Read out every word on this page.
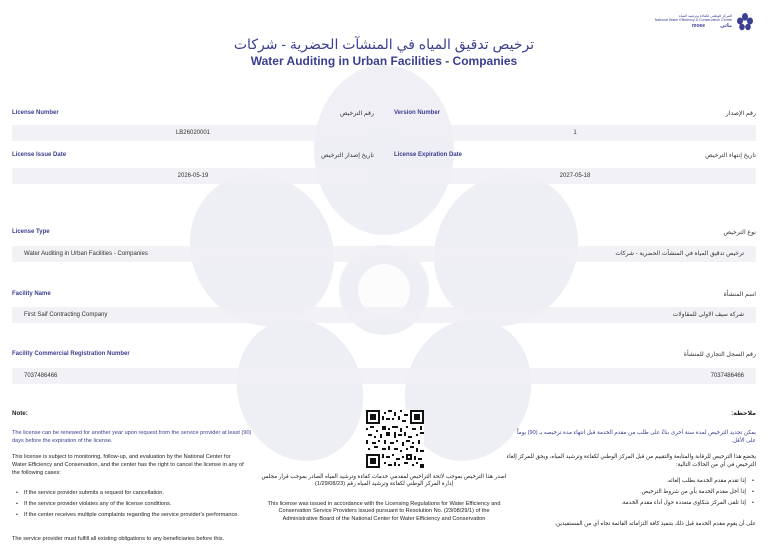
المركز الوطني لكفاءة وترشيد المياه
National Water Efficiency & Conservation Centre
moee	مائي
ترخيص تدقيق المياه في المنشآت الحضرية - شركات
Water Auditing in Urban Facilities - Companies
License Number	رقم الترخيص	Version Number	رقم الإصدار
LB26020001	1
License Issue Date	تاريخ إصدار الترخيص	License Expiration Date	تاريخ إنتهاء الترخيص
2026-05-19	2027-05-18
License Type	نوع الترخيص
Water Auditing in Urban Facilities - Companies	ترخيص تدقيق المياه في المنشآت الحضرية - شركات
Facility Name	اسم المنشأة
First Saif Contracting Company	شركة سيف الاولى للمقاولات
Facility Commercial Registration Number	رقم السجل التجاري للمنشأة
7037486466	7037486466
Note:
The license can be renewed for another year upon request from the service provider at least (90) days before the expiration of the license.
This license is subject to monitoring, follow-up, and evaluation by the National Center for Water Efficiency and Conservation, and the center has the right to cancel the license in any of the following cases:
• If the service provider submits a request for cancellation.
• If the service provider violates any of the license conditions.
• If the center receives multiple complaints regarding the service provider's performance.
The service provider must fulfill all existing obligations to any beneficiaries before this.
اصدر هذا الترخيص بموجب لائحة التراخيص لمقدمي خدمات كفاءة وترشيد المياه الصادر بموجب قرار مجلس إدارة المركز الوطني لكفاءة وترشيد المياه رقم (1/29/08/23)
This license was issued in accordance with the Licensing Regulations for Water Efficiency and Conservation Service Providers issued pursuant to Resolution No. (23/08/29/1) of the Administrative Board of the National Center for Water Efficiency and Conservation
ملاحظة:
يمكن تجديد الترخيص لمدة سنة أخرى بناءً على طلب من مقدم الخدمة قبل انتهاء مدة ترخيصه بـ (90) يوماً على الأقل.
يخضع هذا الترخيص للرقابة والمتابعة والتقييم من قبل المركز الوطني لكفاءة وترشيد المياه، ويحق للمركز إلغاء الترخيص في أي من الحالات التالية:
• إذا تقدم مقدم الخدمة بطلب إلغائه.
• إذا أخل مقدم الخدمة بأي من شروط الترخيص.
• إذا تلقى المركز شكاوى متعددة حول أداء مقدم الخدمة.
على أن يقوم مقدم الخدمة قبل ذلك بتنفيذ كافة التزاماته القائمة تجاه أي من المستفيدين.
